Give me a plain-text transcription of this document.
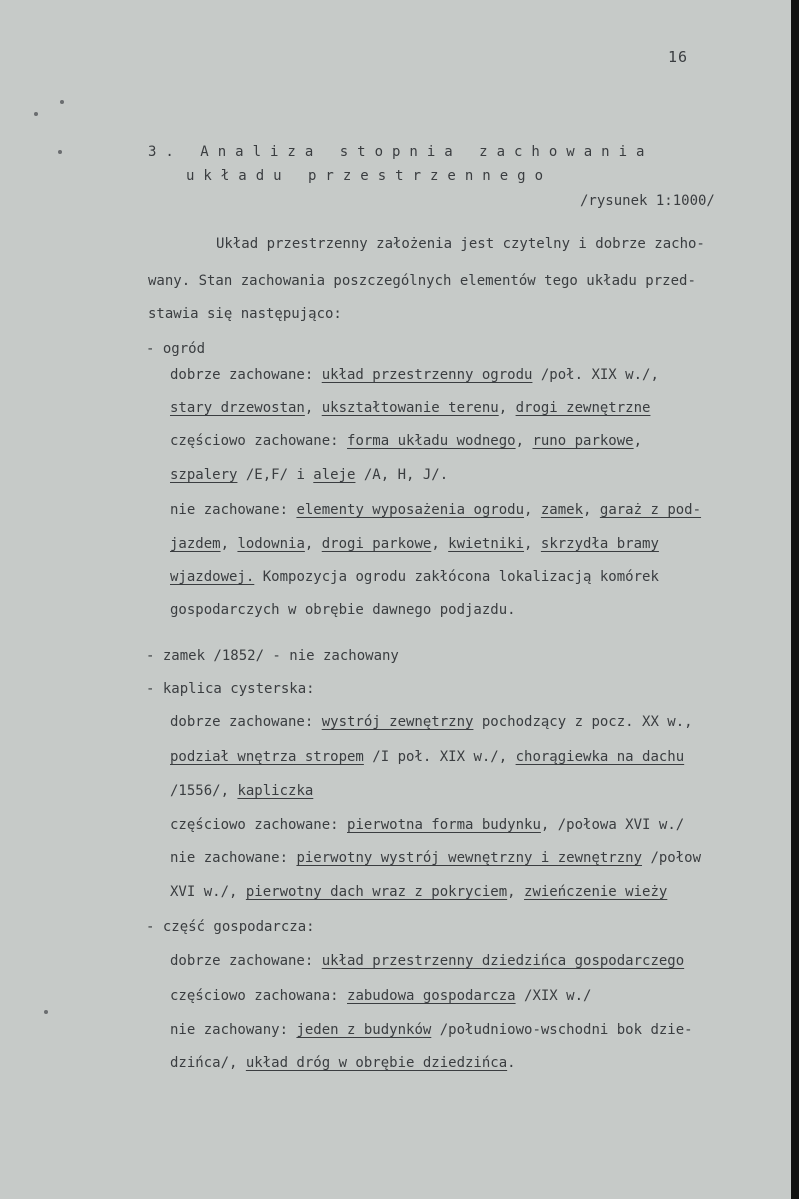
16
3. Analiza stopnia zachowania
układu przestrzennego
/rysunek 1:1000/
Układ przestrzenny założenia jest czytelny i dobrze zacho-
wany. Stan zachowania poszczególnych elementów tego układu przed-
stawia się następująco:
- ogród
dobrze zachowane: układ przestrzenny ogrodu /poł. XIX w./,
stary drzewostan, ukształtowanie terenu, drogi zewnętrzne
częściowo zachowane: forma układu wodnego, runo parkowe,
szpalery /E,F/ i aleje /A, H, J/.
nie zachowane: elementy wyposażenia ogrodu, zamek, garaż z pod-
jazdem, lodownia, drogi parkowe, kwietniki, skrzydła bramy
wjazdowej. Kompozycja ogrodu zakłócona lokalizacją komórek
gospodarczych w obrębie dawnego podjazdu.
- zamek /1852/ - nie zachowany
- kaplica cysterska:
dobrze zachowane: wystrój zewnętrzny pochodzący z pocz. XX w.,
podział wnętrza stropem /I poł. XIX w./, chorągiewka na dachu
/1556/, kapliczka
częściowo zachowane: pierwotna forma budynku, /połowa XVI w./
nie zachowane: pierwotny wystrój wewnętrzny i zewnętrzny /połow
XVI w./, pierwotny dach wraz z pokryciem, zwieńczenie wieży
- część gospodarcza:
dobrze zachowane: układ przestrzenny dziedzińca gospodarczego
częściowo zachowana: zabudowa gospodarcza /XIX w./
nie zachowany: jeden z budynków /południowo-wschodni bok dzie-
dzińca/, układ dróg w obrębie dziedzińca.
